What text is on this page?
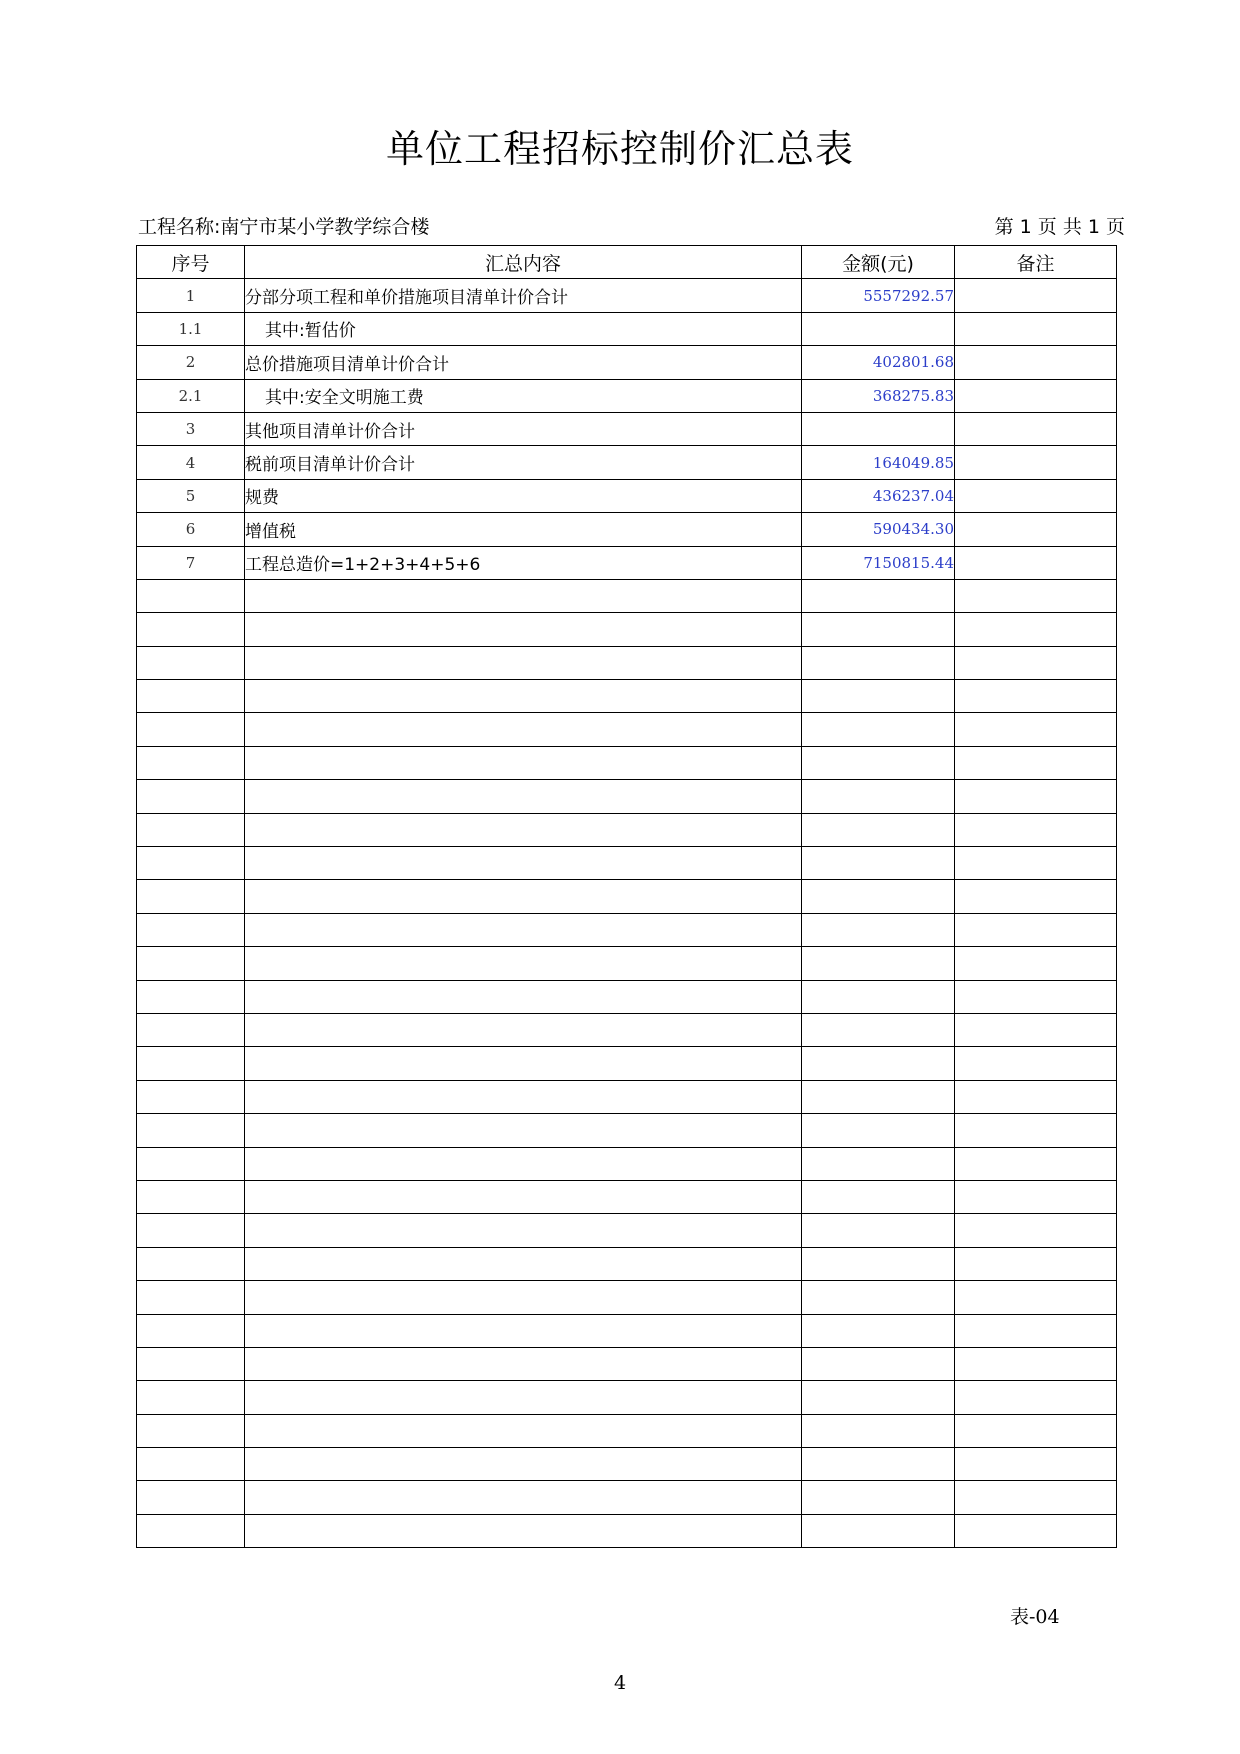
单位工程招标控制价汇总表
工程名称:南宁市某小学教学综合楼	第 1 页 共 1 页
序号	汇总内容	金额(元)	备注
1	分部分项工程和单价措施项目清单计价合计	5557292.57	
1.1	其中:暂估价		
2	总价措施项目清单计价合计	402801.68	
2.1	其中:安全文明施工费	368275.83	
3	其他项目清单计价合计		
4	税前项目清单计价合计	164049.85	
5	规费	436237.04	
6	增值税	590434.30	
7	工程总造价=1+2+3+4+5+6	7150815.44	

表-04
4
